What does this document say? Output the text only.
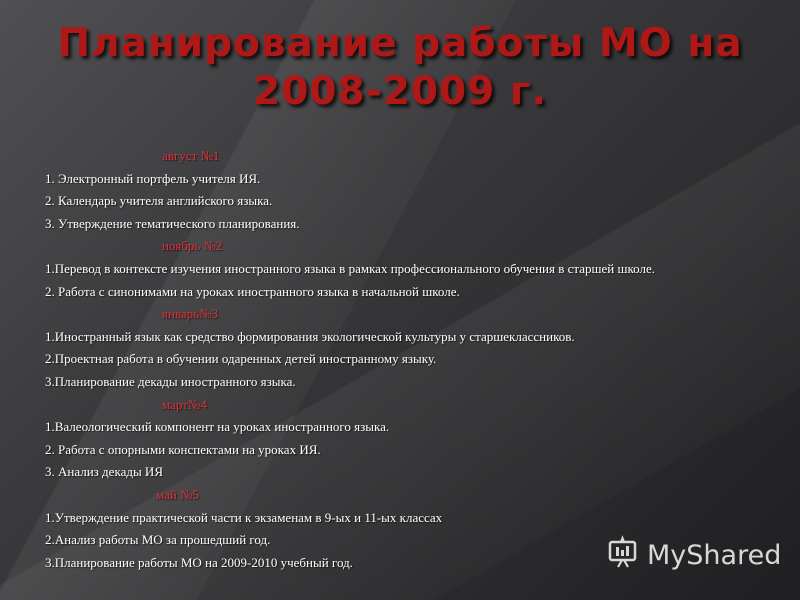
Планирование работы МО на
2008-2009 г.
август №1
1. Электронный портфель учителя ИЯ.
2. Календарь учителя английского языка.
3. Утверждение тематического планирования.
ноябрь №2
1.Перевод в контексте изучения иностранного языка в рамках профессионального обучения в старшей школе.
2. Работа с синонимами на уроках иностранного языка в начальной школе.
январь№3
1.Иностранный язык как средство формирования экологической культуры у старшеклассников.
2.Проектная работа в обучении одаренных детей иностранному языку.
3.Планирование декады иностранного языка.
март№4
1.Валеологический компонент на уроках иностранного языка.
2. Работа с опорными конспектами на уроках ИЯ.
3. Анализ декады ИЯ
май №5
1.Утверждение практической части к экзаменам в 9-ых и 11-ых классах
2.Анализ работы МО за прошедший год.
3.Планирование работы МО на 2009-2010 учебный год.	MyShared
